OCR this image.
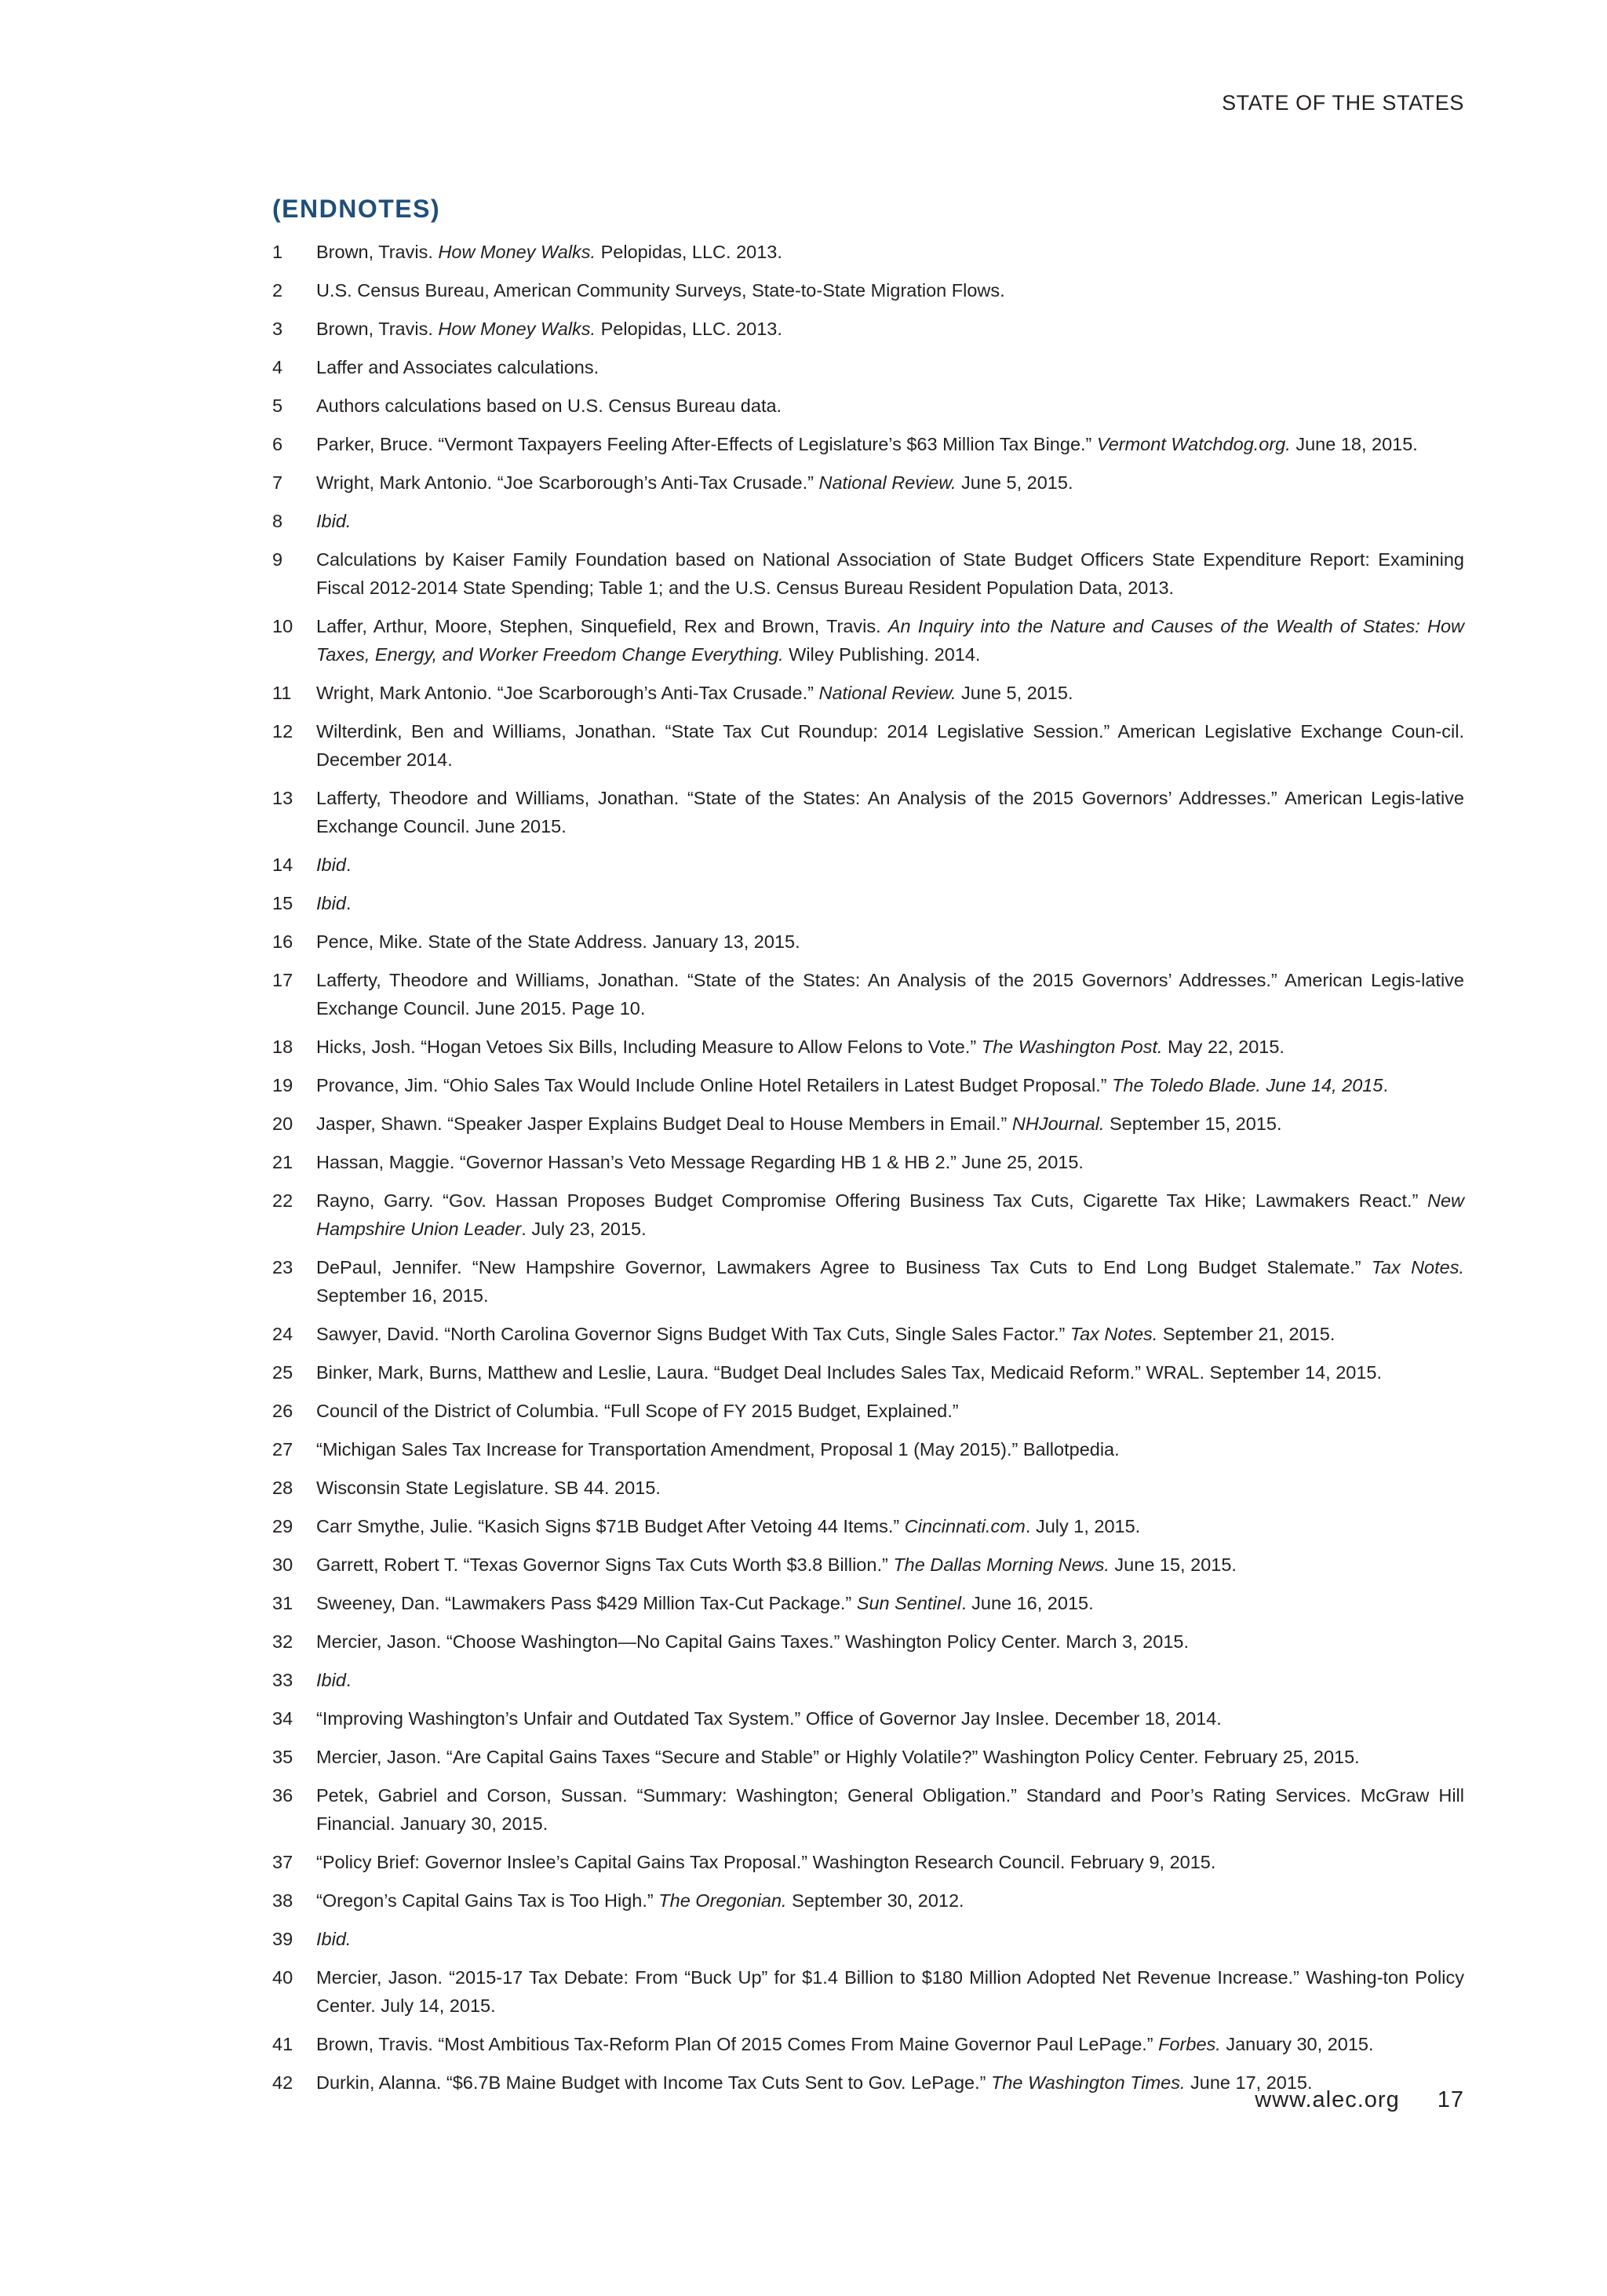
STATE OF THE STATES
(ENDNOTES)
1 Brown, Travis. How Money Walks. Pelopidas, LLC. 2013.
2 U.S. Census Bureau, American Community Surveys, State-to-State Migration Flows.
3 Brown, Travis. How Money Walks. Pelopidas, LLC. 2013.
4 Laffer and Associates calculations.
5 Authors calculations based on U.S. Census Bureau data.
6 Parker, Bruce. “Vermont Taxpayers Feeling After-Effects of Legislature’s $63 Million Tax Binge.” Vermont Watchdog.org. June 18, 2015.
7 Wright, Mark Antonio. “Joe Scarborough’s Anti-Tax Crusade.” National Review. June 5, 2015.
8 Ibid.
9 Calculations by Kaiser Family Foundation based on National Association of State Budget Officers State Expenditure Report: Examining Fiscal 2012-2014 State Spending; Table 1; and the U.S. Census Bureau Resident Population Data, 2013.
10 Laffer, Arthur, Moore, Stephen, Sinquefield, Rex and Brown, Travis. An Inquiry into the Nature and Causes of the Wealth of States: How Taxes, Energy, and Worker Freedom Change Everything. Wiley Publishing. 2014.
11 Wright, Mark Antonio. “Joe Scarborough’s Anti-Tax Crusade.” National Review. June 5, 2015.
12 Wilterdink, Ben and Williams, Jonathan. “State Tax Cut Roundup: 2014 Legislative Session.” American Legislative Exchange Coun-cil. December 2014.
13 Lafferty, Theodore and Williams, Jonathan. “State of the States: An Analysis of the 2015 Governors’ Addresses.” American Legis-lative Exchange Council. June 2015.
14 Ibid.
15 Ibid.
16 Pence, Mike. State of the State Address. January 13, 2015.
17 Lafferty, Theodore and Williams, Jonathan. “State of the States: An Analysis of the 2015 Governors’ Addresses.” American Legis-lative Exchange Council. June 2015. Page 10.
18 Hicks, Josh. “Hogan Vetoes Six Bills, Including Measure to Allow Felons to Vote.” The Washington Post. May 22, 2015.
19 Provance, Jim. “Ohio Sales Tax Would Include Online Hotel Retailers in Latest Budget Proposal.” The Toledo Blade. June 14, 2015.
20 Jasper, Shawn. “Speaker Jasper Explains Budget Deal to House Members in Email.” NHJournal. September 15, 2015.
21 Hassan, Maggie. “Governor Hassan’s Veto Message Regarding HB 1 & HB 2.” June 25, 2015.
22 Rayno, Garry. “Gov. Hassan Proposes Budget Compromise Offering Business Tax Cuts, Cigarette Tax Hike; Lawmakers React.” New Hampshire Union Leader. July 23, 2015.
23 DePaul, Jennifer. “New Hampshire Governor, Lawmakers Agree to Business Tax Cuts to End Long Budget Stalemate.” Tax Notes. September 16, 2015.
24 Sawyer, David. “North Carolina Governor Signs Budget With Tax Cuts, Single Sales Factor.” Tax Notes. September 21, 2015.
25 Binker, Mark, Burns, Matthew and Leslie, Laura. “Budget Deal Includes Sales Tax, Medicaid Reform.” WRAL. September 14, 2015.
26 Council of the District of Columbia. “Full Scope of FY 2015 Budget, Explained.”
27 “Michigan Sales Tax Increase for Transportation Amendment, Proposal 1 (May 2015).” Ballotpedia.
28 Wisconsin State Legislature. SB 44. 2015.
29 Carr Smythe, Julie. “Kasich Signs $71B Budget After Vetoing 44 Items.” Cincinnati.com. July 1, 2015.
30 Garrett, Robert T. “Texas Governor Signs Tax Cuts Worth $3.8 Billion.” The Dallas Morning News. June 15, 2015.
31 Sweeney, Dan. “Lawmakers Pass $429 Million Tax-Cut Package.” Sun Sentinel. June 16, 2015.
32 Mercier, Jason. “Choose Washington—No Capital Gains Taxes.” Washington Policy Center. March 3, 2015.
33 Ibid.
34 “Improving Washington’s Unfair and Outdated Tax System.” Office of Governor Jay Inslee. December 18, 2014.
35 Mercier, Jason. “Are Capital Gains Taxes “Secure and Stable” or Highly Volatile?” Washington Policy Center. February 25, 2015.
36 Petek, Gabriel and Corson, Sussan. “Summary: Washington; General Obligation.” Standard and Poor’s Rating Services. McGraw Hill Financial. January 30, 2015.
37 “Policy Brief: Governor Inslee’s Capital Gains Tax Proposal.” Washington Research Council. February 9, 2015.
38 “Oregon’s Capital Gains Tax is Too High.” The Oregonian. September 30, 2012.
39 Ibid.
40 Mercier, Jason. “2015-17 Tax Debate: From “Buck Up” for $1.4 Billion to $180 Million Adopted Net Revenue Increase.” Washing-ton Policy Center. July 14, 2015.
41 Brown, Travis. “Most Ambitious Tax-Reform Plan Of 2015 Comes From Maine Governor Paul LePage.” Forbes. January 30, 2015.
42 Durkin, Alanna. “$6.7B Maine Budget with Income Tax Cuts Sent to Gov. LePage.” The Washington Times. June 17, 2015.
www.alec.org 17
